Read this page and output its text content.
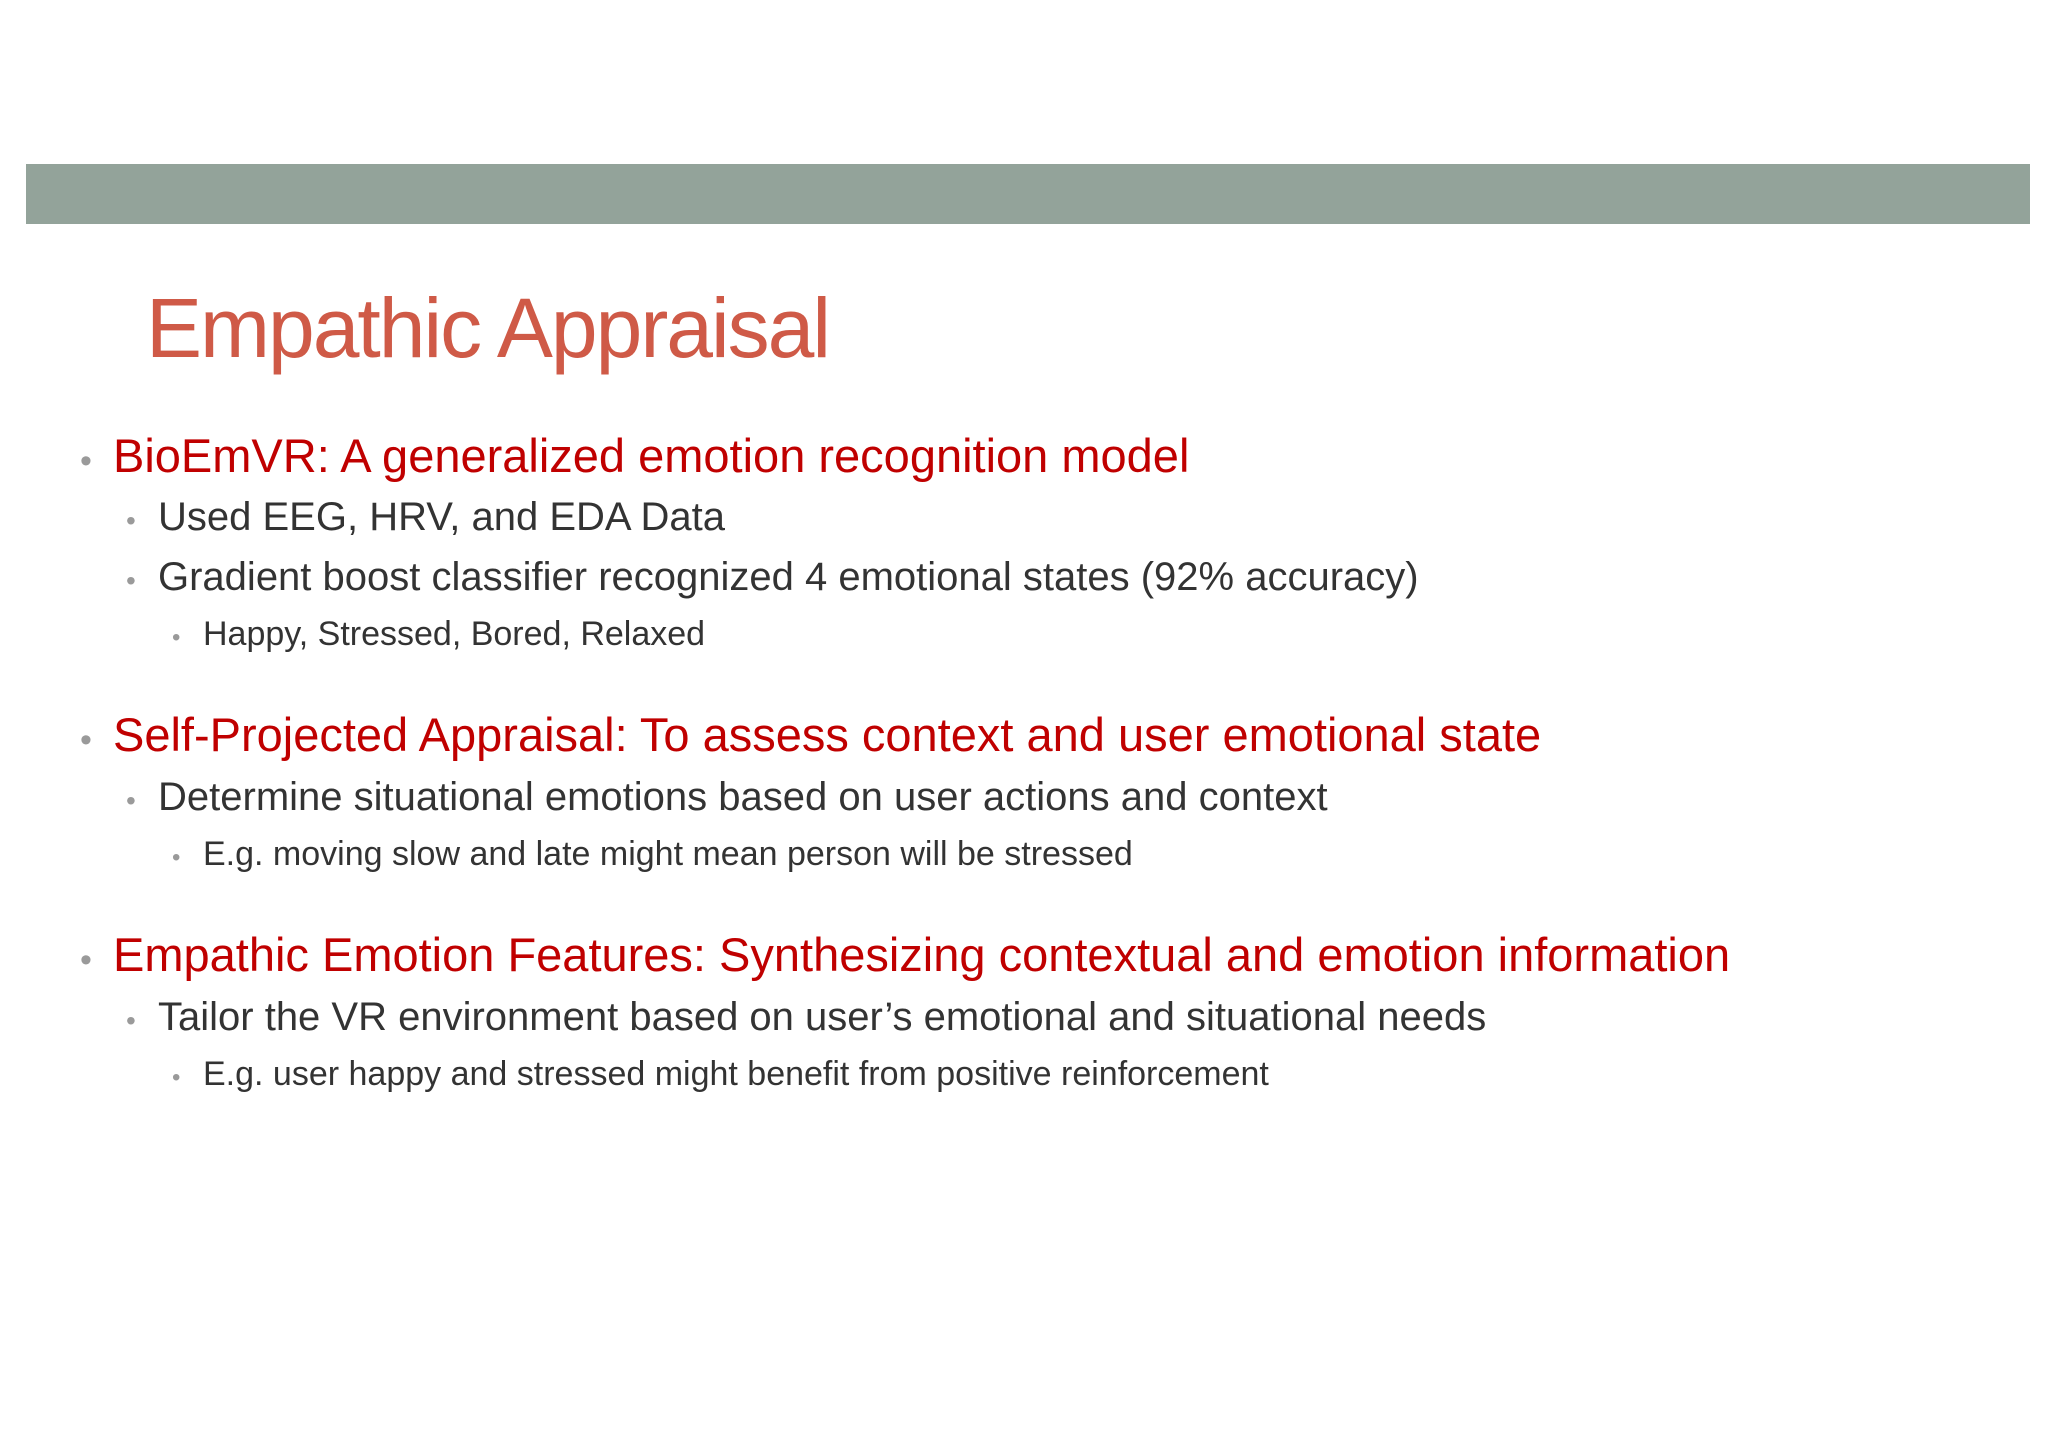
Empathic Appraisal
• BioEmVR: A generalized emotion recognition model
• Used EEG, HRV, and EDA Data
• Gradient boost classifier recognized 4 emotional states (92% accuracy)
• Happy, Stressed, Bored, Relaxed
• Self-Projected Appraisal: To assess context and user emotional state
• Determine situational emotions based on user actions and context
• E.g. moving slow and late might mean person will be stressed
• Empathic Emotion Features: Synthesizing contextual and emotion information
• Tailor the VR environment based on user’s emotional and situational needs
• E.g. user happy and stressed might benefit from positive reinforcement
